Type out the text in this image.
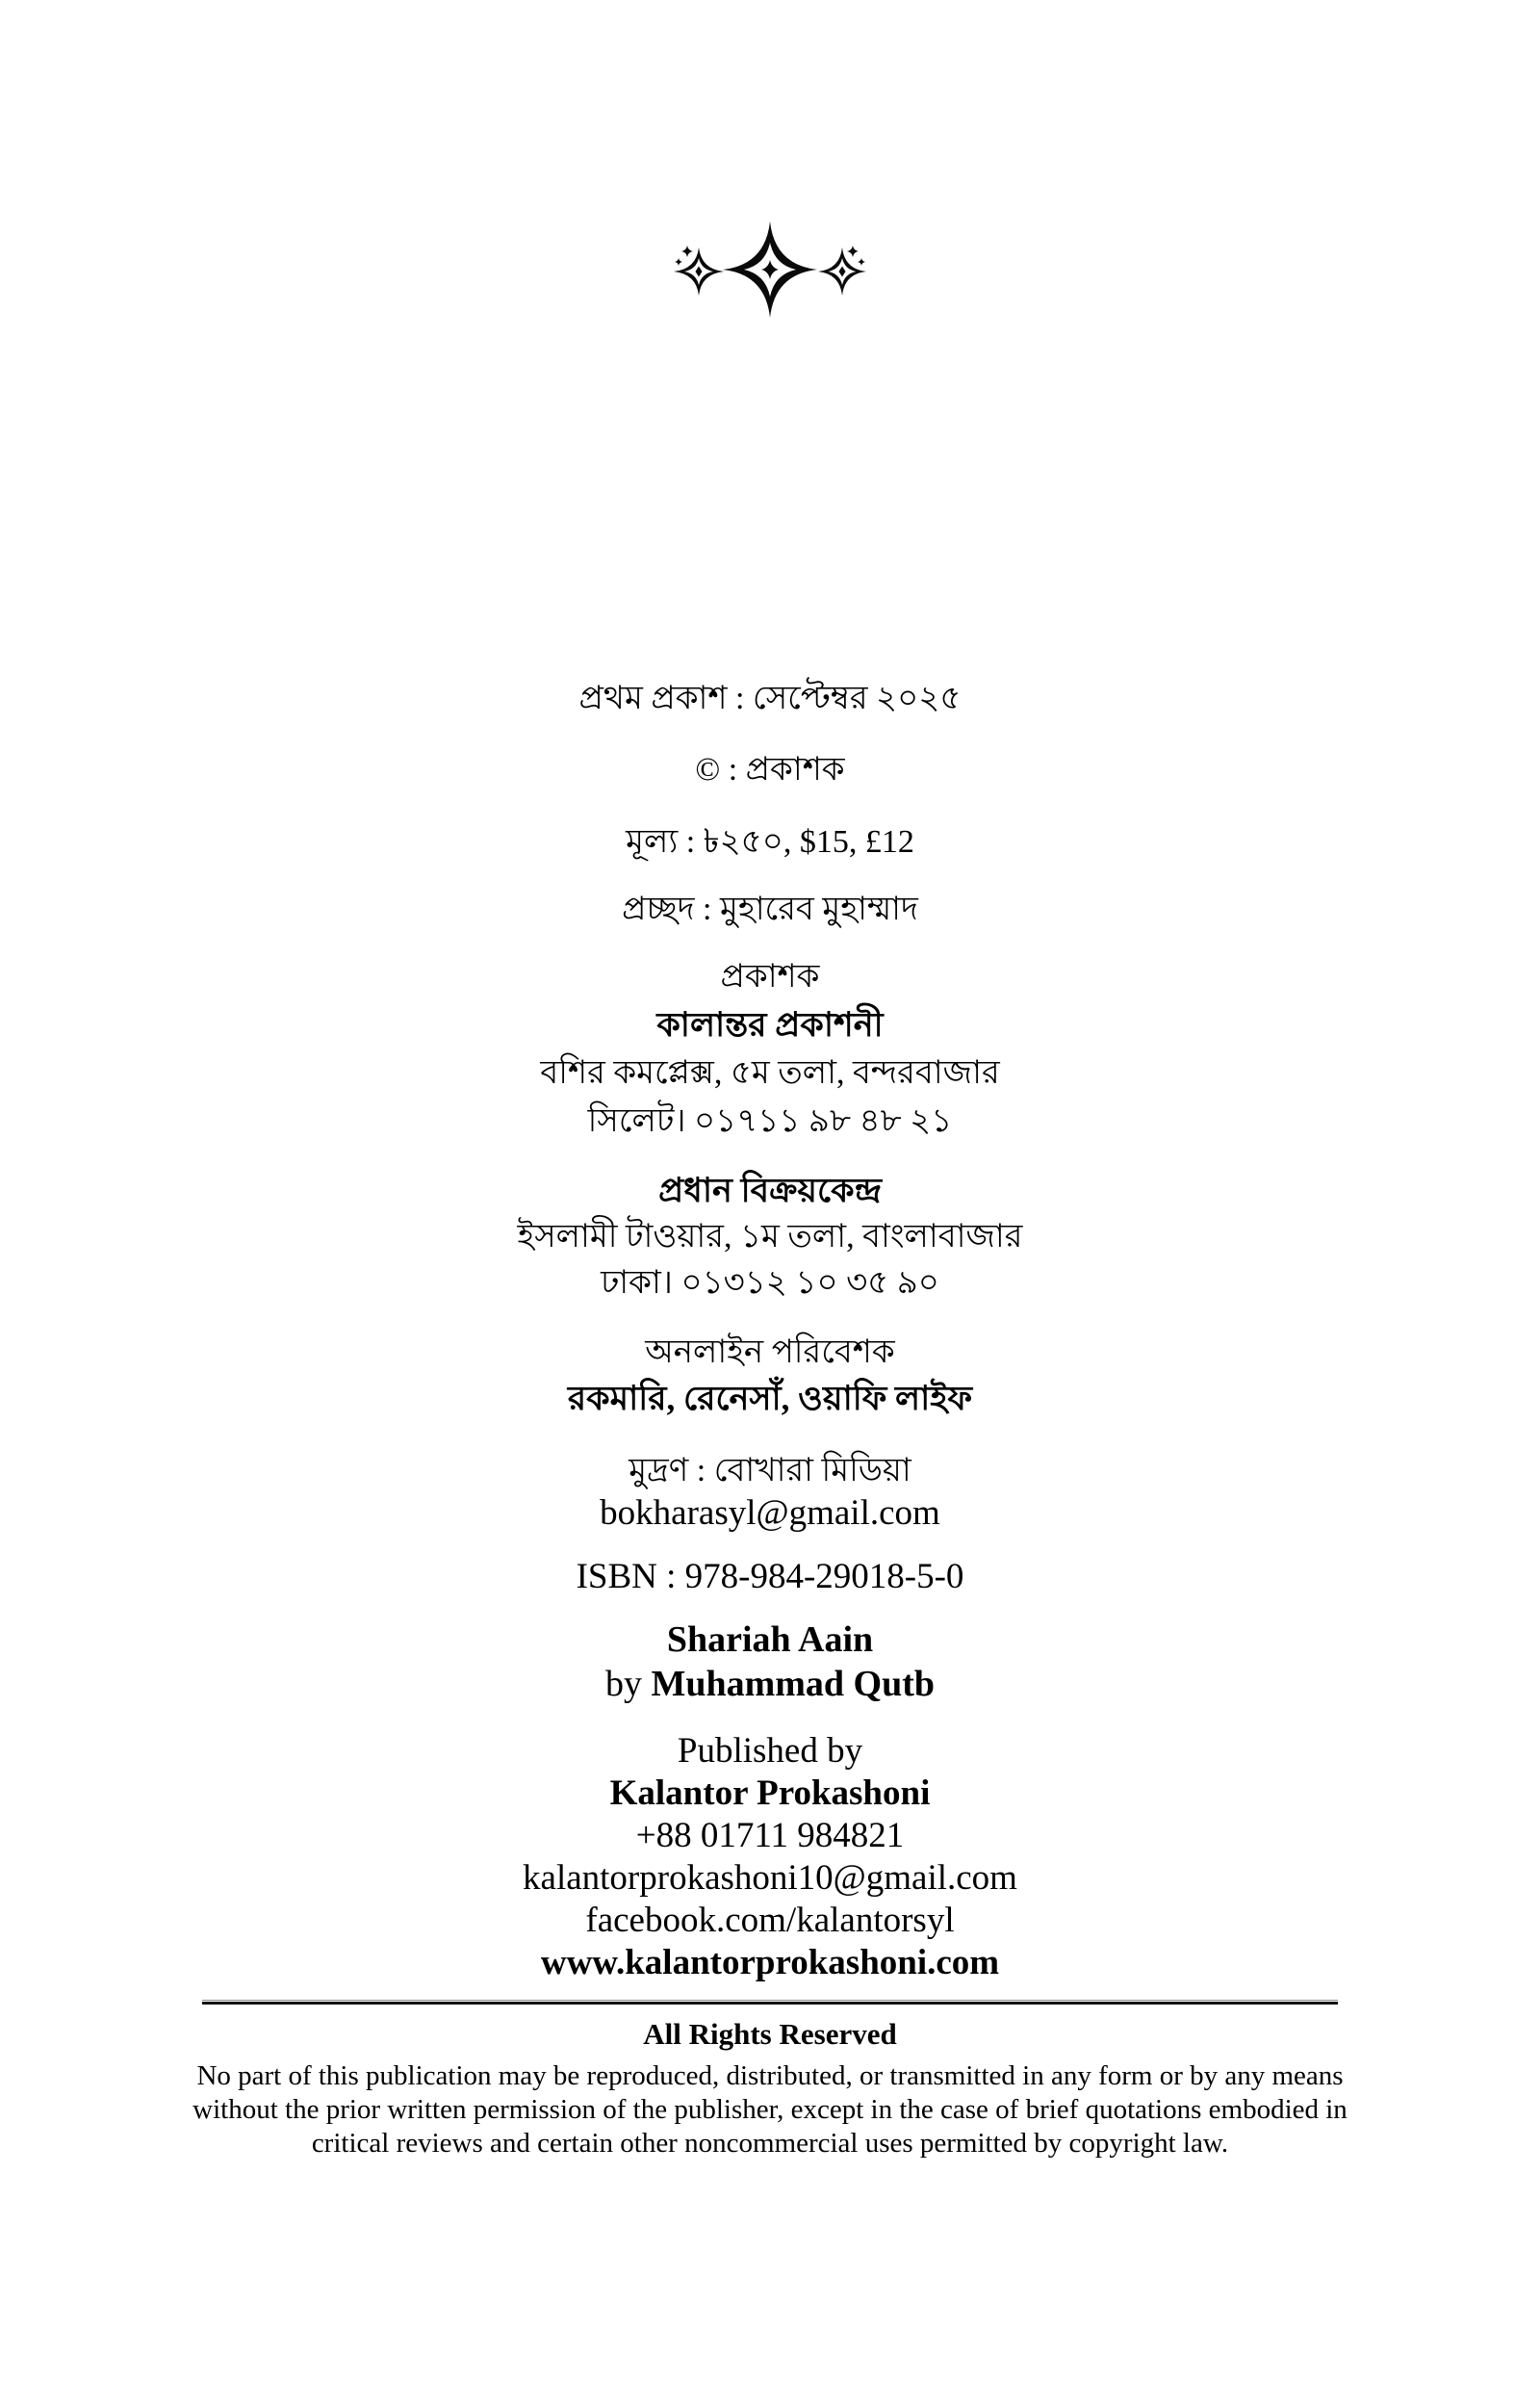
প্রথম প্রকাশ : সেপ্টেম্বর ২০২৫
© : প্রকাশক
মূল্য : ৳২৫০, $15, £12
প্রচ্ছদ : মুহারেব মুহাম্মাদ
প্রকাশক
কালান্তর প্রকাশনী
বশির কমপ্লেক্স, ৫ম তলা, বন্দরবাজার
সিলেট। ০১৭১১ ৯৮ ৪৮ ২১
প্রধান বিক্রয়কেন্দ্র
ইসলামী টাওয়ার, ১ম তলা, বাংলাবাজার
ঢাকা। ০১৩১২ ১০ ৩৫ ৯০
অনলাইন পরিবেশক
রকমারি, রেনেসাঁ, ওয়াফি লাইফ
মুদ্রণ : বোখারা মিডিয়া
bokharasyl@gmail.com
ISBN : 978-984-29018-5-0
Shariah Aain
by Muhammad Qutb
Published by
Kalantor Prokashoni
+88 01711 984821
kalantorprokashoni10@gmail.com
facebook.com/kalantorsyl
www.kalantorprokashoni.com
All Rights Reserved
No part of this publication may be reproduced, distributed, or transmitted in any form or by any means without the prior written permission of the publisher, except in the case of brief quotations embodied in critical reviews and certain other noncommercial uses permitted by copyright law.
